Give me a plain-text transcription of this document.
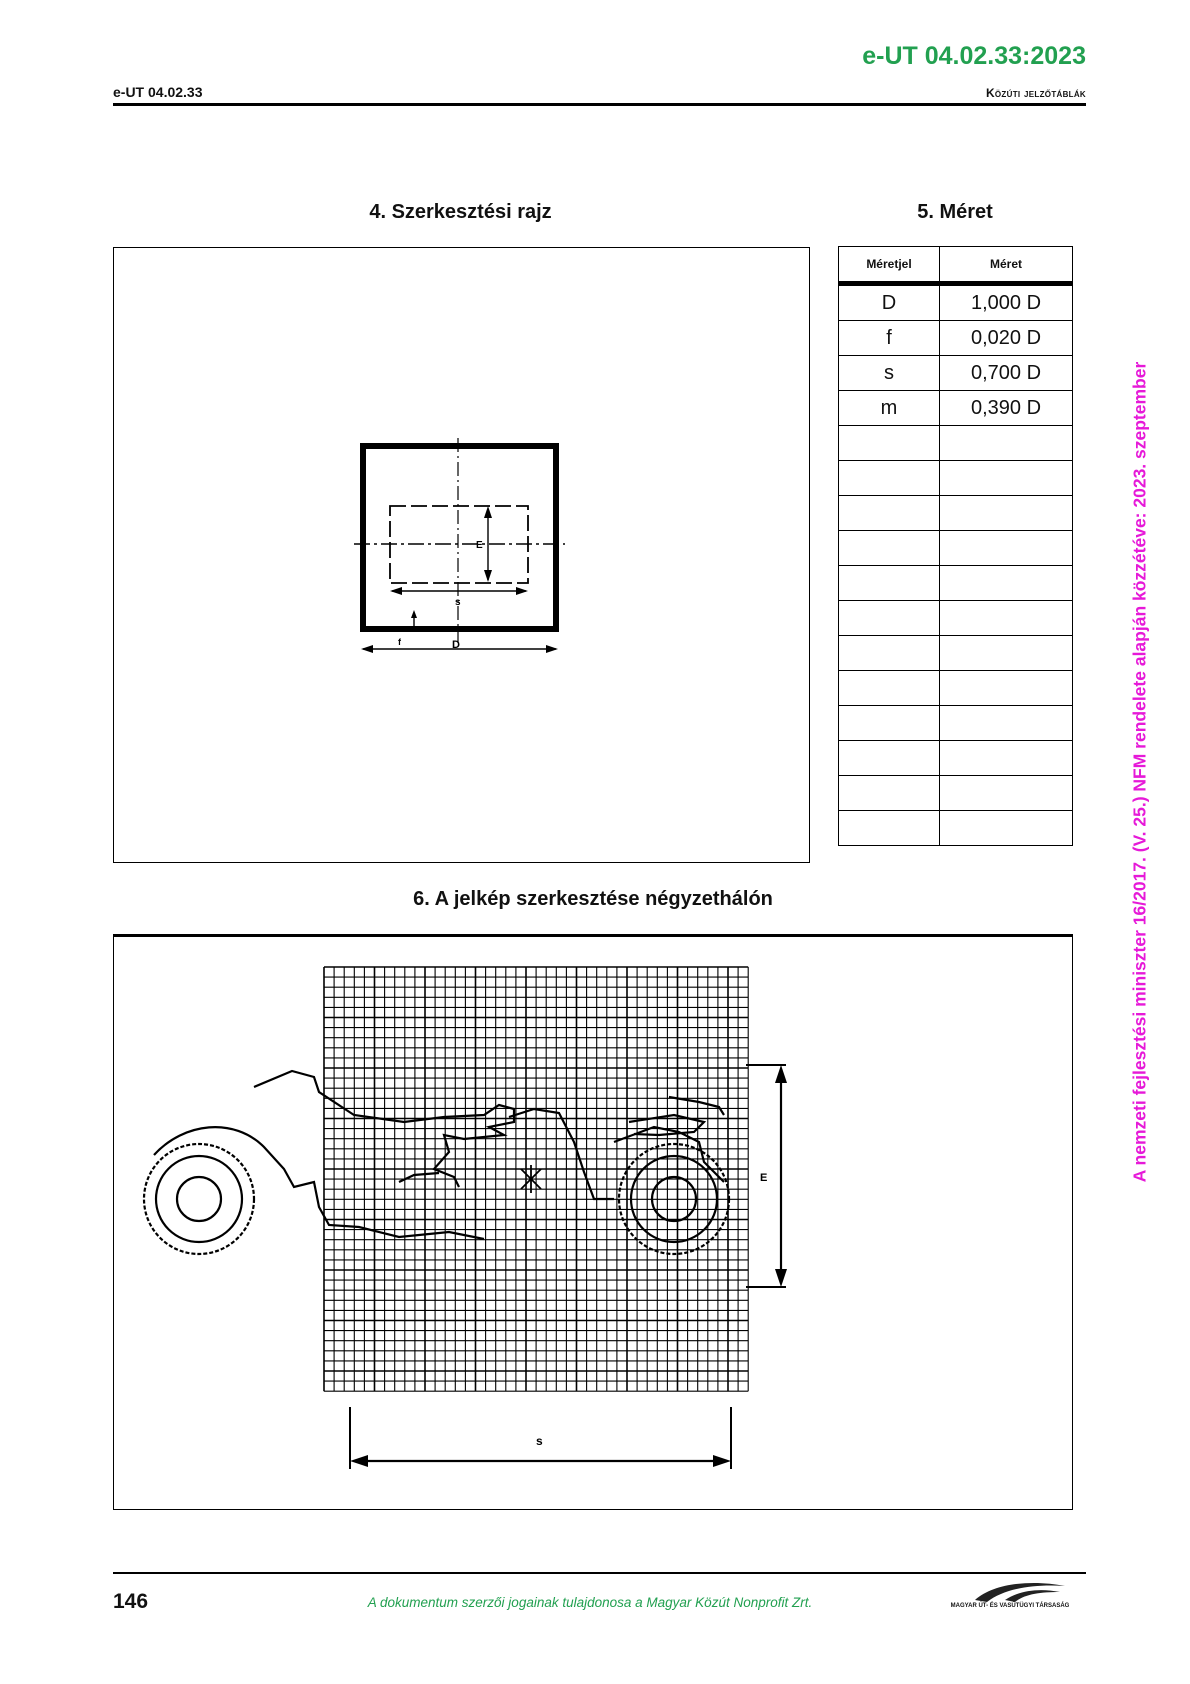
e-UT 04.02.33:2023
e-UT 04.02.33	Közúti jelzőtáblák
4. Szerkesztési rajz	5. Méret
E
s
f	D
Méretjel	Méret
D	1,000 D
f	0,020 D
s	0,700 D
m	0,390 D

6. A jelkép szerkesztése négyzethálón
E
s
A nemzeti fejlesztési miniszter 16/2017. (V. 25.) NFM rendelete alapján közzétéve: 2023. szeptember
146	A dokumentum szerzői jogainak tulajdonosa a Magyar Közút Nonprofit Zrt.	MAGYAR ÚT- ÉS VASÚTÜGYI TÁRSASÁG
